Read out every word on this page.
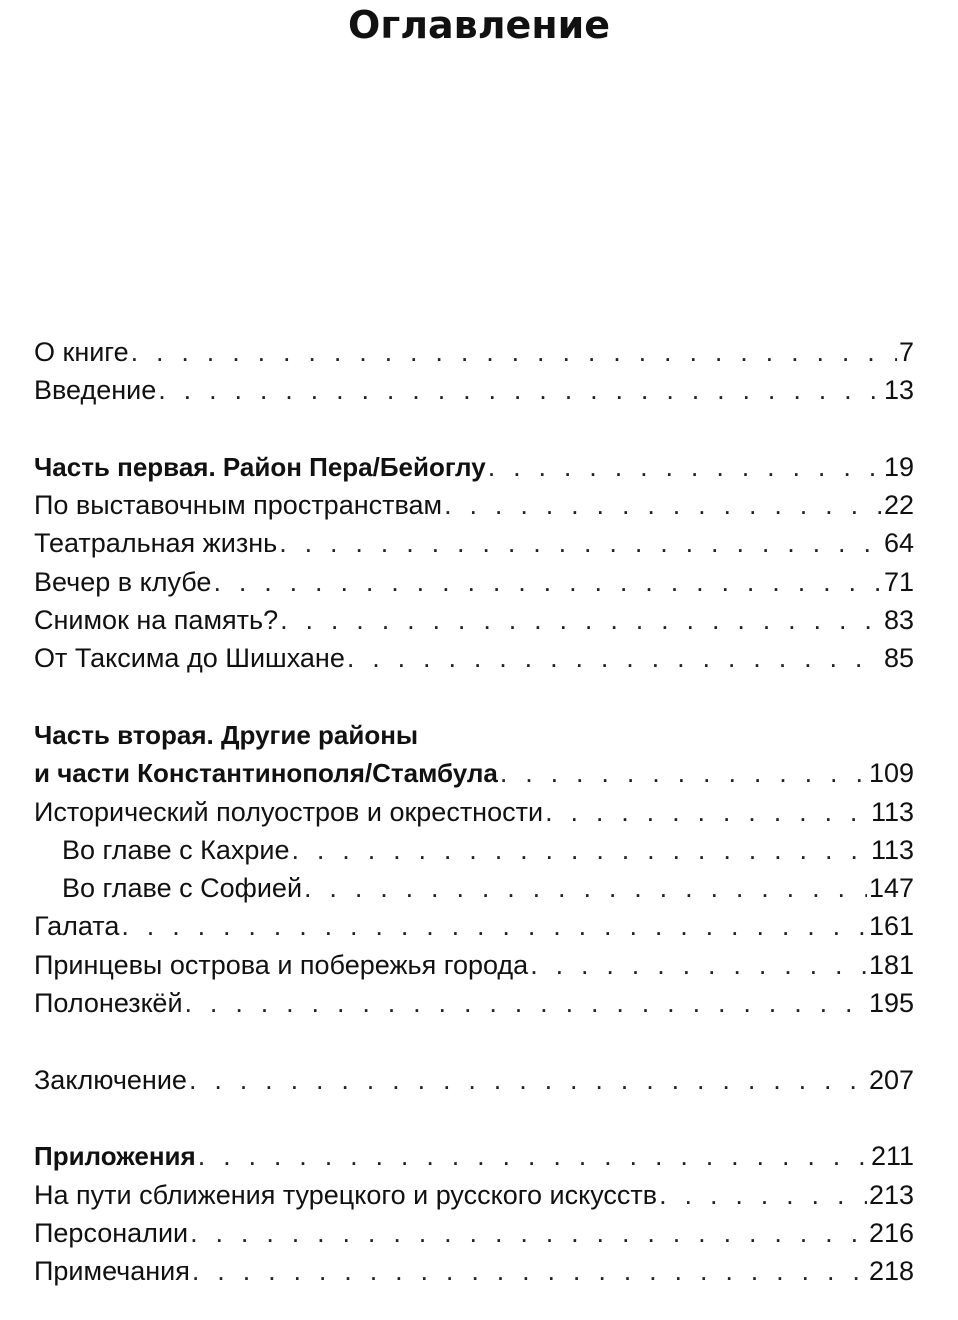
Оглавление
О книге . . .	7
Введение . . .	13
Часть первая. Район Пера/Бейоглу . . .	19
По выставочным пространствам . . .	22
Театральная жизнь . . .	64
Вечер в клубе . . .	71
Снимок на память? . . .	83
От Таксима до Шишхане . . .	85
Часть вторая. Другие районы
и части Константинополя/Стамбула . . .	109
Исторический полуостров и окрестности . . .	113
Во главе с Кахрие . . .	113
Во главе с Софией . . .	147
Галата . . .	161
Принцевы острова и побережья города . . .	181
Полонезкёй . . .	195
Заключение . . .	207
Приложения . . .	211
На пути сближения турецкого и русского искусств . . .	213
Персоналии . . .	216
Примечания . . .	218
